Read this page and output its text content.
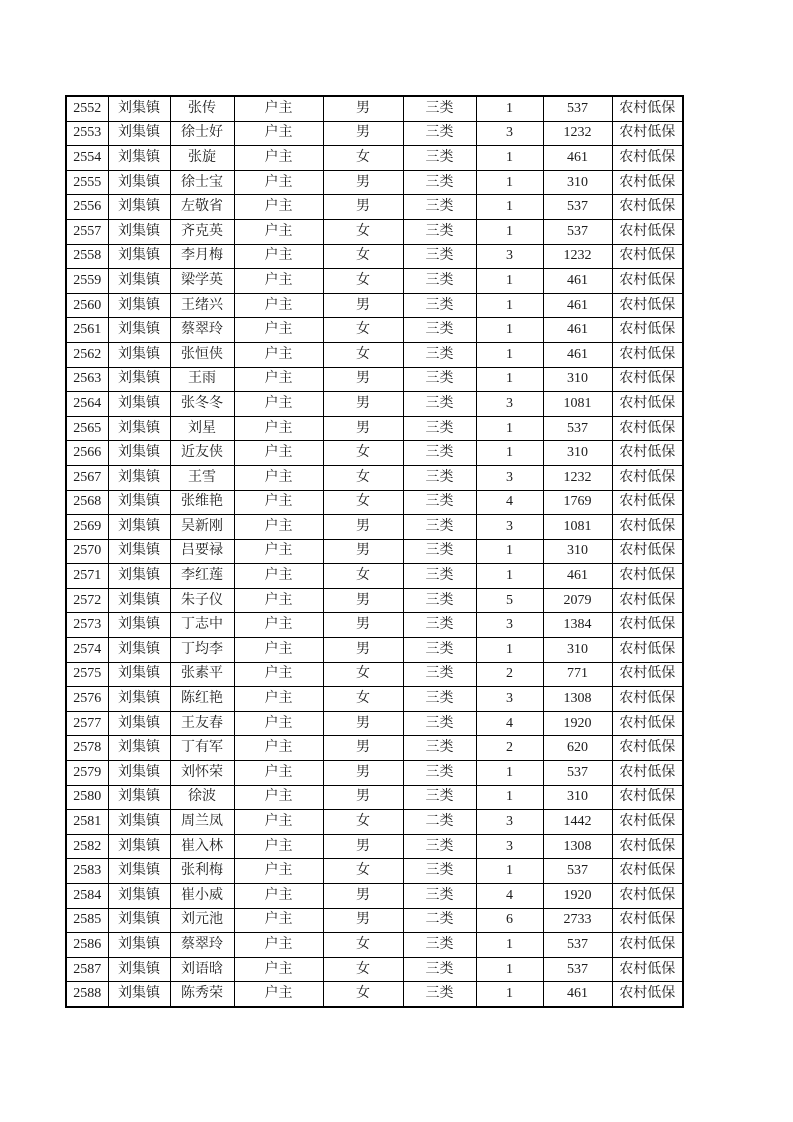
2552	刘集镇	张传	户主	男	三类	1	537	农村低保
2553	刘集镇	徐士好	户主	男	三类	3	1232	农村低保
2554	刘集镇	张旋	户主	女	三类	1	461	农村低保
2555	刘集镇	徐士宝	户主	男	三类	1	310	农村低保
2556	刘集镇	左敬省	户主	男	三类	1	537	农村低保
2557	刘集镇	齐克英	户主	女	三类	1	537	农村低保
2558	刘集镇	李月梅	户主	女	三类	3	1232	农村低保
2559	刘集镇	梁学英	户主	女	三类	1	461	农村低保
2560	刘集镇	王绪兴	户主	男	三类	1	461	农村低保
2561	刘集镇	蔡翠玲	户主	女	三类	1	461	农村低保
2562	刘集镇	张恒侠	户主	女	三类	1	461	农村低保
2563	刘集镇	王雨	户主	男	三类	1	310	农村低保
2564	刘集镇	张冬冬	户主	男	三类	3	1081	农村低保
2565	刘集镇	刘星	户主	男	三类	1	537	农村低保
2566	刘集镇	近友侠	户主	女	三类	1	310	农村低保
2567	刘集镇	王雪	户主	女	三类	3	1232	农村低保
2568	刘集镇	张维艳	户主	女	三类	4	1769	农村低保
2569	刘集镇	吴新刚	户主	男	三类	3	1081	农村低保
2570	刘集镇	吕要禄	户主	男	三类	1	310	农村低保
2571	刘集镇	李红莲	户主	女	三类	1	461	农村低保
2572	刘集镇	朱子仪	户主	男	三类	5	2079	农村低保
2573	刘集镇	丁志中	户主	男	三类	3	1384	农村低保
2574	刘集镇	丁均李	户主	男	三类	1	310	农村低保
2575	刘集镇	张素平	户主	女	三类	2	771	农村低保
2576	刘集镇	陈红艳	户主	女	三类	3	1308	农村低保
2577	刘集镇	王友春	户主	男	三类	4	1920	农村低保
2578	刘集镇	丁有军	户主	男	三类	2	620	农村低保
2579	刘集镇	刘怀荣	户主	男	三类	1	537	农村低保
2580	刘集镇	徐波	户主	男	三类	1	310	农村低保
2581	刘集镇	周兰凤	户主	女	二类	3	1442	农村低保
2582	刘集镇	崔入林	户主	男	三类	3	1308	农村低保
2583	刘集镇	张利梅	户主	女	三类	1	537	农村低保
2584	刘集镇	崔小威	户主	男	三类	4	1920	农村低保
2585	刘集镇	刘元池	户主	男	二类	6	2733	农村低保
2586	刘集镇	蔡翠玲	户主	女	三类	1	537	农村低保
2587	刘集镇	刘语晗	户主	女	三类	1	537	农村低保
2588	刘集镇	陈秀荣	户主	女	三类	1	461	农村低保
